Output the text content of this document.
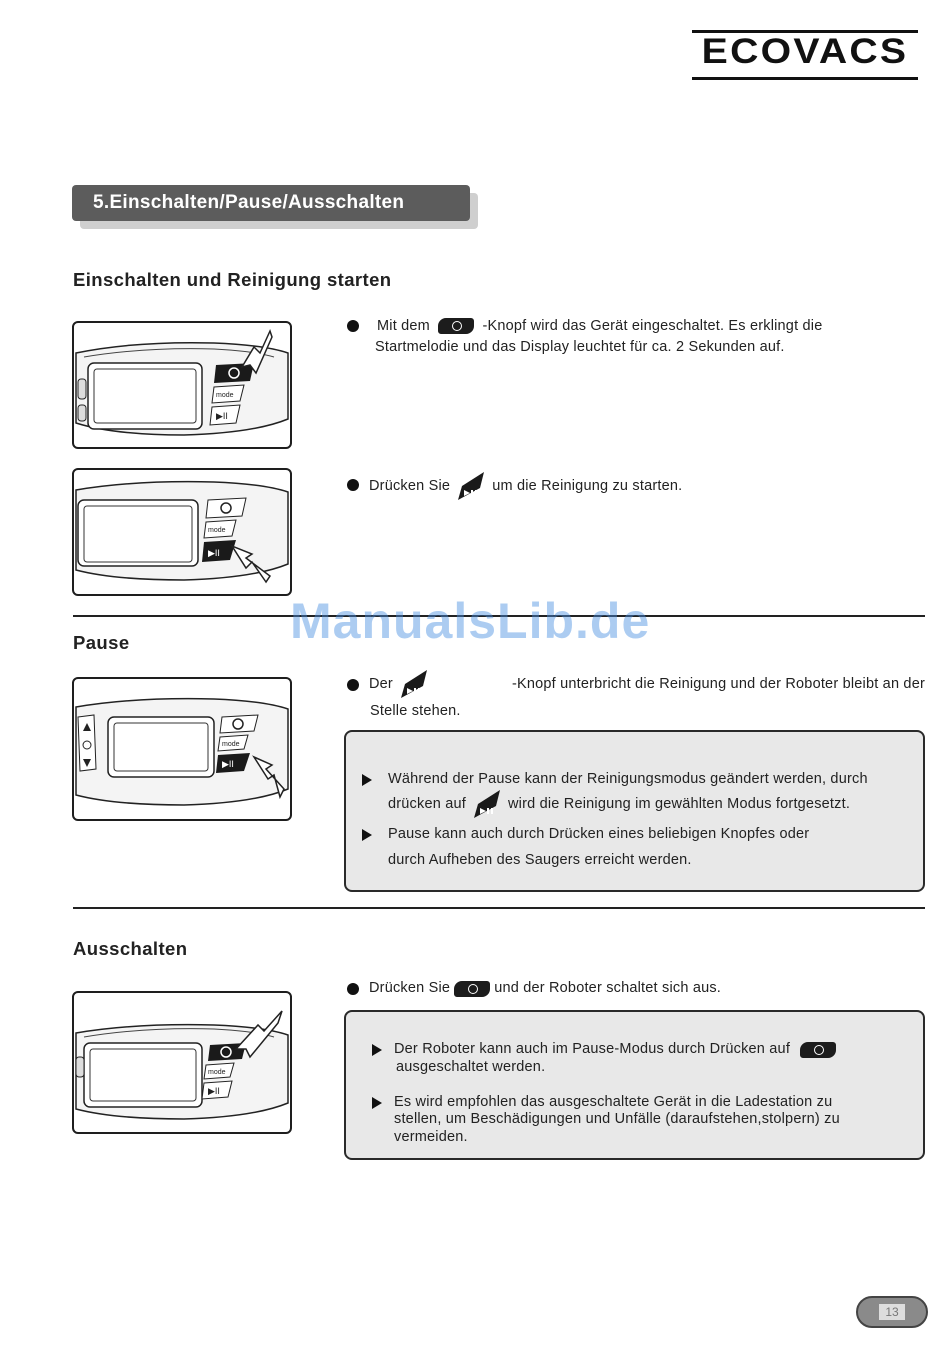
ECOVACS
5.Einschalten/Pause/Ausschalten
Einschalten und Reinigung starten
mode
▶II
Mit dem	-Knopf wird das Gerät eingeschaltet. Es erklingt die
Startmelodie und das Display leuchtet für ca. 2 Sekunden auf.
mode
▶II
Drücken Sie	um die Reinigung zu starten.
Pause
mode
▶II
Der	-Knopf unterbricht die Reinigung und der Roboter bleibt an der
Stelle stehen.
Während der Pause kann der Reinigungsmodus geändert werden, durch
drücken auf	wird die Reinigung im gewählten Modus fortgesetzt.
Pause kann auch durch Drücken eines beliebigen Knopfes oder
durch Aufheben des Saugers erreicht werden.
Ausschalten
mode
▶II
Drücken Sie	und der Roboter schaltet sich aus.
Der Roboter kann auch im Pause-Modus durch Drücken auf
ausgeschaltet werden.
Es wird empfohlen das ausgeschaltete Gerät in die Ladestation zu
stellen, um Beschädigungen und Unfälle (daraufstehen,stolpern) zu
vermeiden.
ManualsLib.de
13
